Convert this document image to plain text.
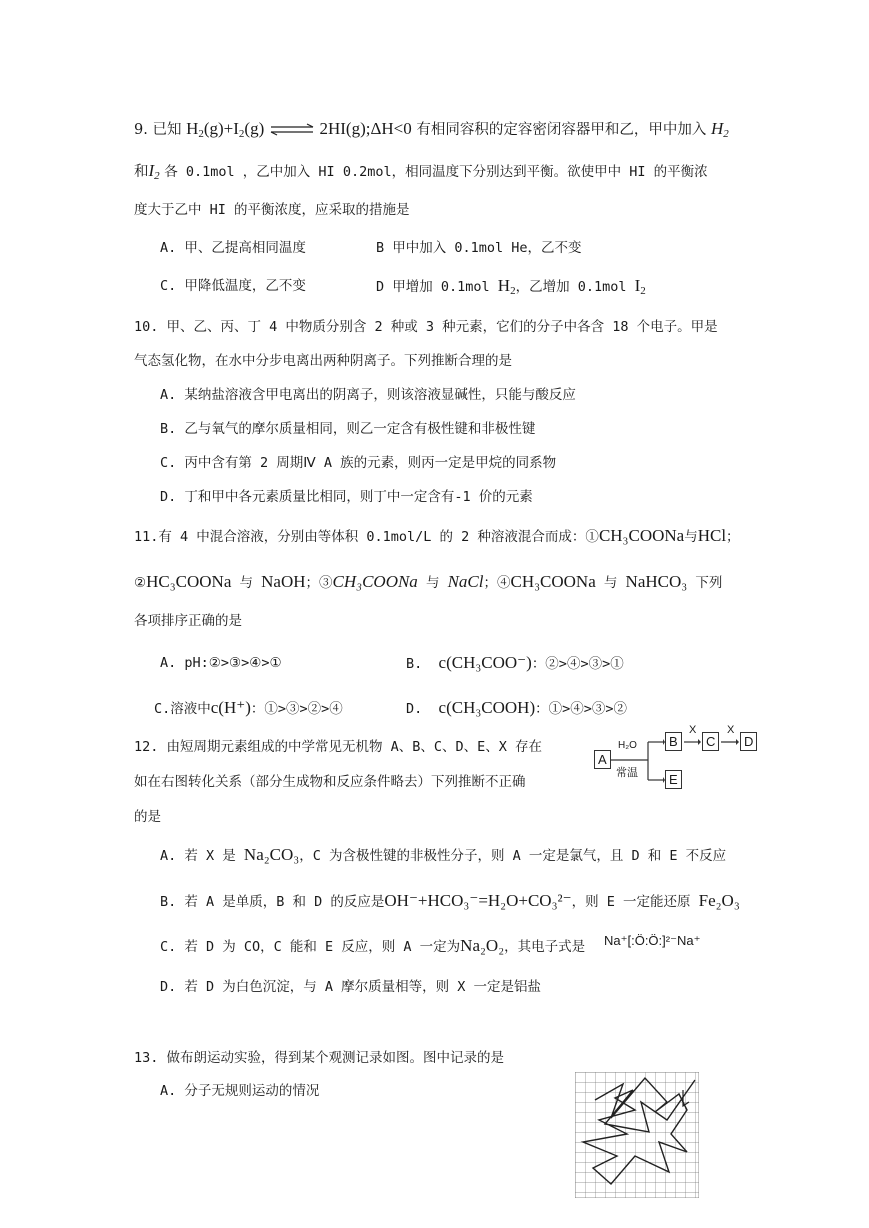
9. 已知 $H_2(g)+I_2(g)$ ⇌ 2HI(g);ΔH<0 有相同容积的定容密闭容器甲和乙，甲中加入 $H_2$
和$I_2$ 各 0.1mol ，乙中加入 HI 0.2mol，相同温度下分别达到平衡。欲使甲中 HI 的平衡浓
度大于乙中 HI 的平衡浓度，应采取的措施是
A. 甲、乙提高相同温度	B 甲中加入 0.1mol He，乙不变
C. 甲降低温度，乙不变	D 甲增加 0.1mol $H_2$，乙增加 0.1mol $I_2$
10. 甲、乙、丙、丁 4 中物质分别含 2 种或 3 种元素，它们的分子中各含 18 个电子。甲是
气态氢化物，在水中分步电离出两种阴离子。下列推断合理的是
A. 某纳盐溶液含甲电离出的阴离子，则该溶液显碱性，只能与酸反应
B. 乙与氧气的摩尔质量相同，则乙一定含有极性键和非极性键
C. 丙中含有第 2 周期Ⅳ A 族的元素，则丙一定是甲烷的同系物
D. 丁和甲中各元素质量比相同，则丁中一定含有-1 价的元素
11.有 4 中混合溶液，分别由等体积 0.1mol/L 的 2 种溶液混合而成：①CH₃COONa与HCl；
②HC₃COONa 与 NaOH；③CH₃COONa 与 NaCl；④CH₃COONa 与 NaHCO₃ 下列
各项排序正确的是
A. pH:②>③>④>①	B. c(CH₃COO⁻)：②>④>③>①
C.溶液中c(H⁺)：①>③>②>④	D. c(CH₃COOH)：①>④>③>②
12. 由短周期元素组成的中学常见无机物 A、B、C、D、E、X 存在
如在右图转化关系（部分生成物和反应条件略去）下列推断不正确
的是
A
H₂O
常温
B	C	D
E
X	X
A. 若 X 是 Na₂CO₃，C 为含极性键的非极性分子，则 A 一定是氯气，且 D 和 E 不反应
B. 若 A 是单质，B 和 D 的反应是OH⁻+HCO₃⁻=H₂O+CO₃²⁻，则 E 一定能还原 Fe₂O₃
C. 若 D 为 CO，C 能和 E 反应，则 A 一定为Na₂O₂，其电子式是 Na⁺[:Ö:Ö:]²⁻Na⁺
D. 若 D 为白色沉淀，与 A 摩尔质量相等，则 X 一定是铝盐
13. 做布朗运动实验，得到某个观测记录如图。图中记录的是
A. 分子无规则运动的情况
